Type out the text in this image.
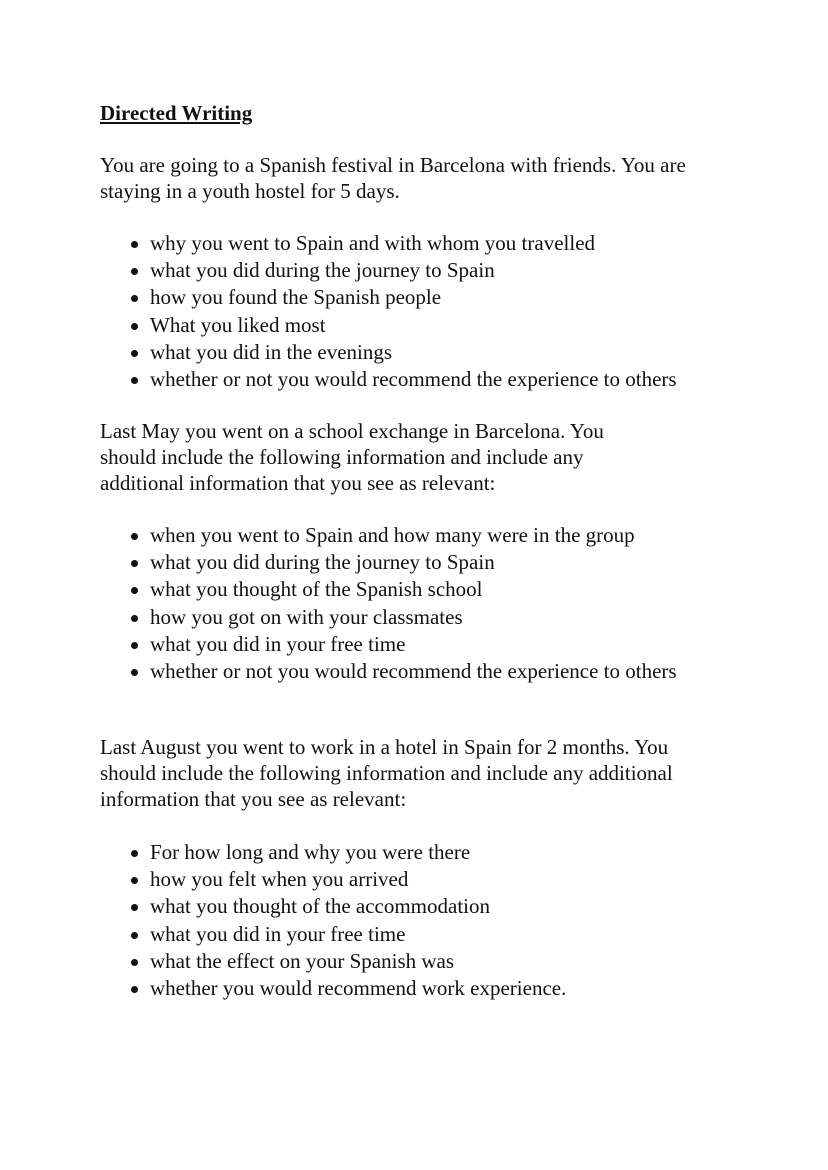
Directed Writing
You are going to a Spanish festival in Barcelona with friends. You are staying in a youth hostel for 5 days.
why you went to Spain and with whom you travelled
what you did during the journey to Spain
how you found the Spanish people
What you liked most
what you did in the evenings
whether or not you would recommend the experience to others
Last May you went on a school exchange in Barcelona. You should include the following information and include any additional information that you see as relevant:
when you went to Spain and how many were in the group
what you did during the journey to Spain
what you thought of the Spanish school
how you got on with your classmates
what you did in your free time
whether or not you would recommend the experience to others
Last August you went to work in a hotel in Spain for 2 months. You should include the following information and include any additional information that you see as relevant:
For how long and why you were there
how you felt when you arrived
what you thought of the accommodation
what you did in your free time
what the effect on your Spanish was
whether you would recommend work experience.
